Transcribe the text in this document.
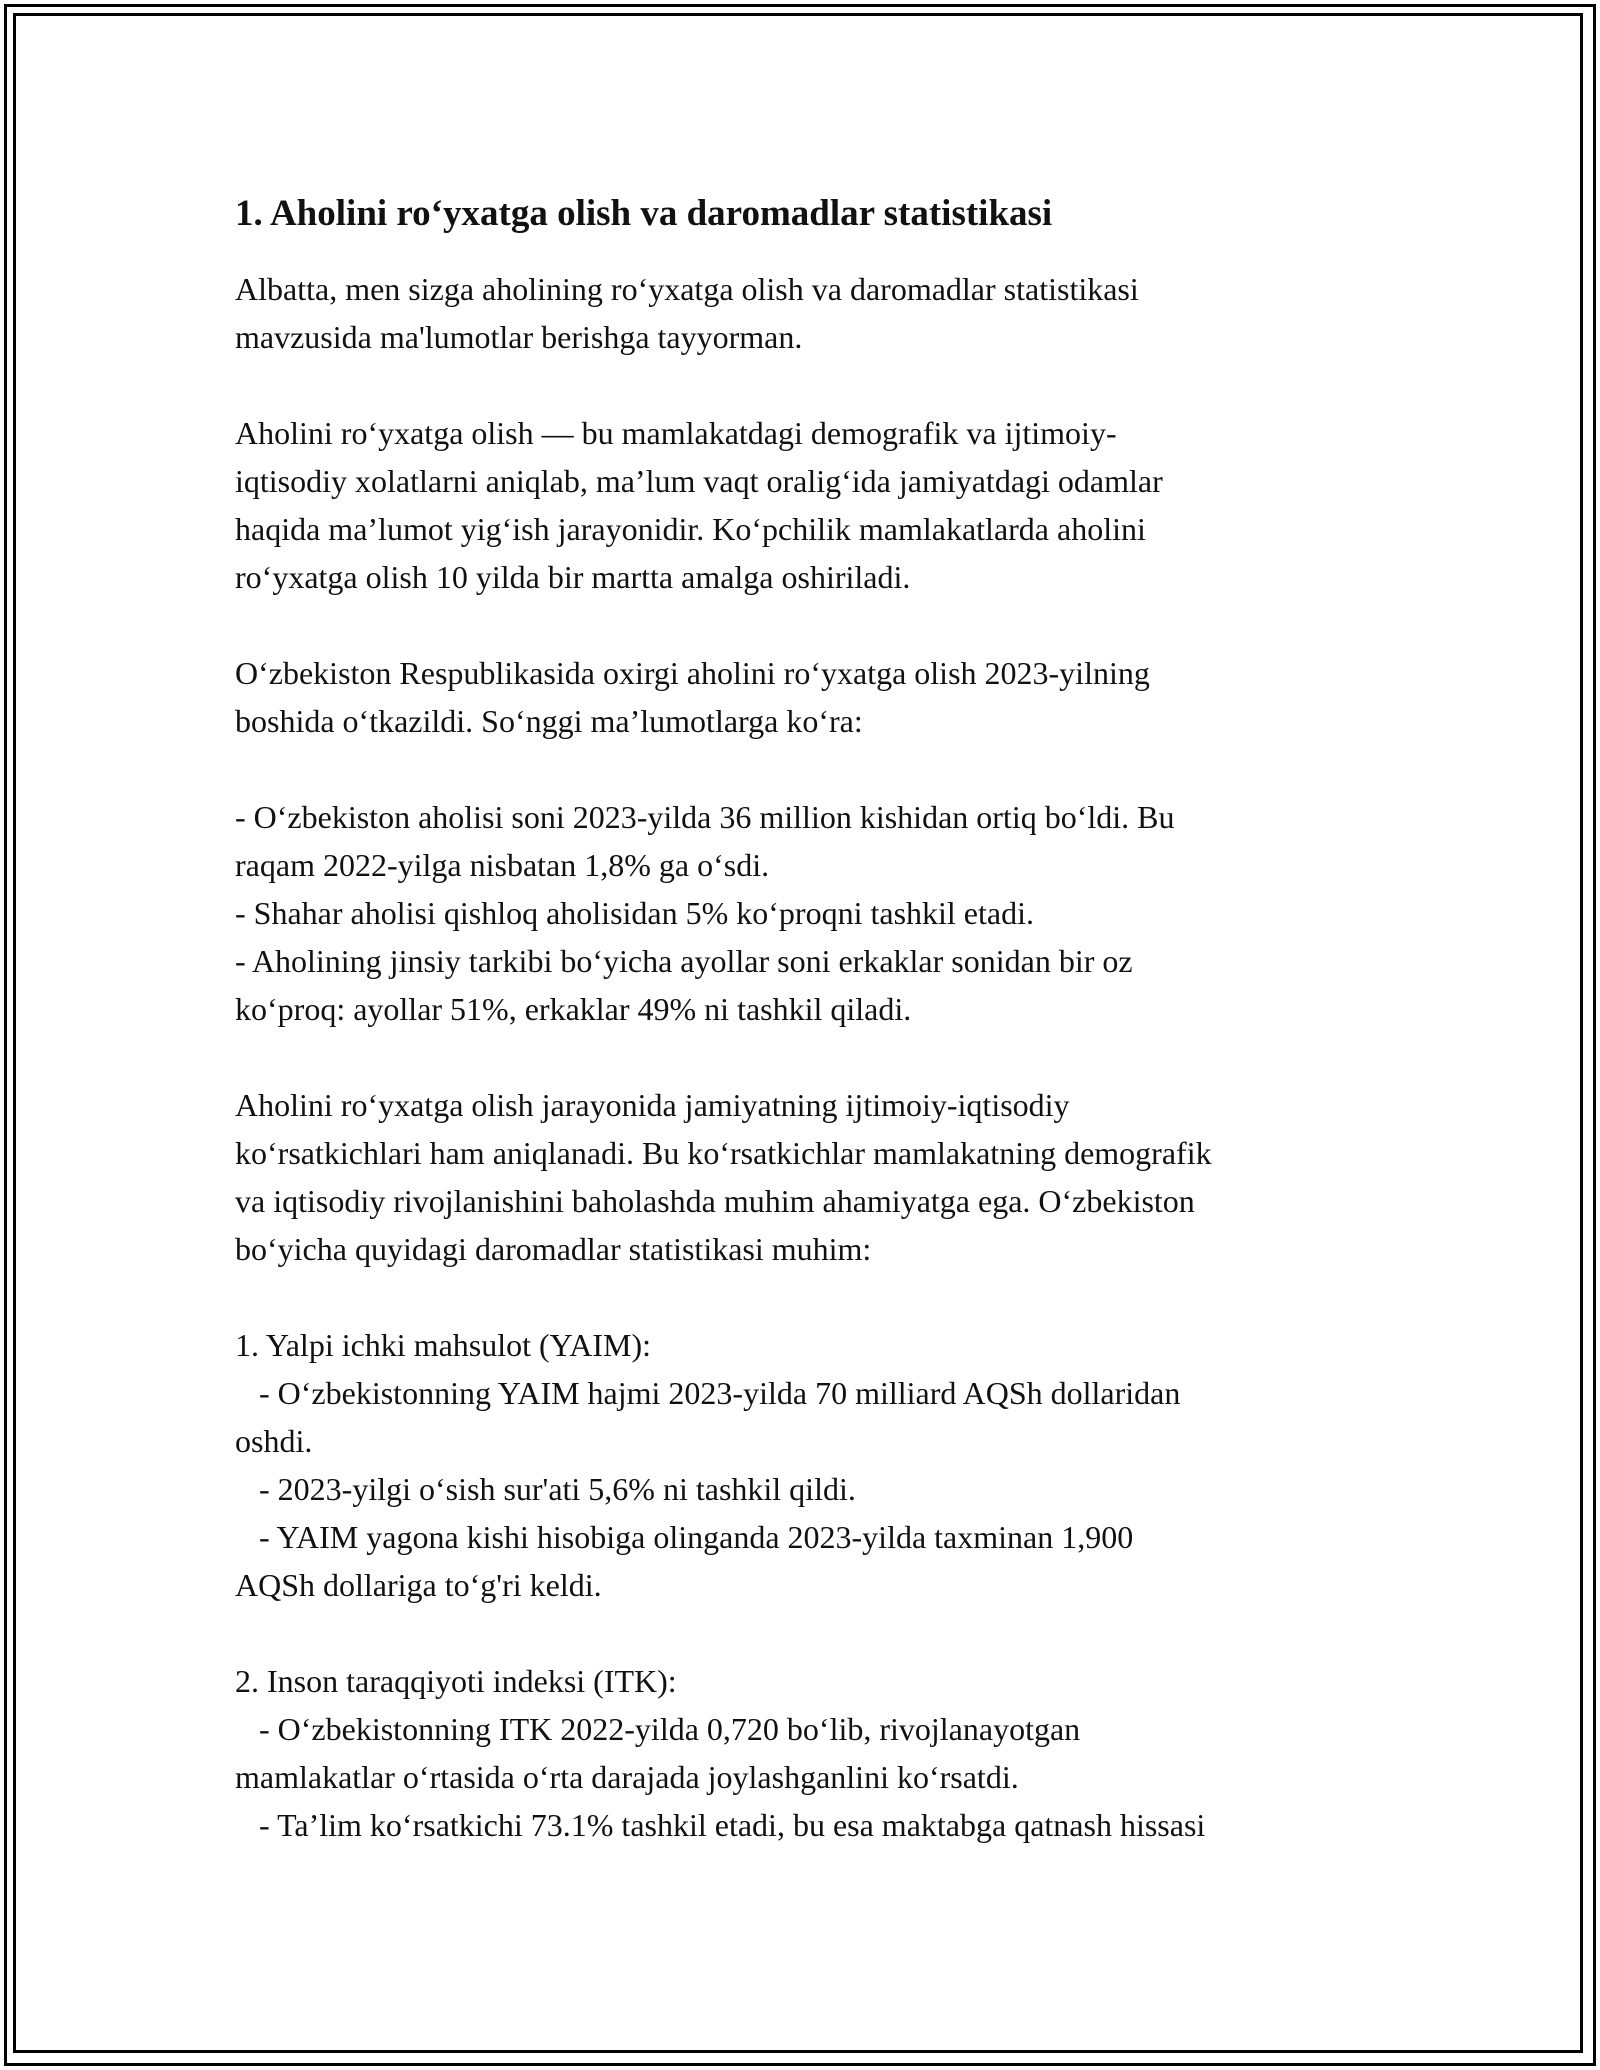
1. Aholini ro‘yxatga olish va daromadlar statistikasi
Albatta, men sizga aholining ro‘yxatga olish va daromadlar statistikasi
mavzusida ma'lumotlar berishga tayyorman.
Aholini ro‘yxatga olish — bu mamlakatdagi demografik va ijtimoiy-
iqtisodiy xolatlarni aniqlab, ma’lum vaqt oralig‘ida jamiyatdagi odamlar
haqida ma’lumot yig‘ish jarayonidir. Ko‘pchilik mamlakatlarda aholini
ro‘yxatga olish 10 yilda bir martta amalga oshiriladi.
O‘zbekiston Respublikasida oxirgi aholini ro‘yxatga olish 2023-yilning
boshida o‘tkazildi. So‘nggi ma’lumotlarga ko‘ra:
- O‘zbekiston aholisi soni 2023-yilda 36 million kishidan ortiq bo‘ldi. Bu
raqam 2022-yilga nisbatan 1,8% ga o‘sdi.
- Shahar aholisi qishloq aholisidan 5% ko‘proqni tashkil etadi.
- Aholining jinsiy tarkibi bo‘yicha ayollar soni erkaklar sonidan bir oz
ko‘proq: ayollar 51%, erkaklar 49% ni tashkil qiladi.
Aholini ro‘yxatga olish jarayonida jamiyatning ijtimoiy-iqtisodiy
ko‘rsatkichlari ham aniqlanadi. Bu ko‘rsatkichlar mamlakatning demografik
va iqtisodiy rivojlanishini baholashda muhim ahamiyatga ega. O‘zbekiston
bo‘yicha quyidagi daromadlar statistikasi muhim:
1. Yalpi ichki mahsulot (YAIM):
- O‘zbekistonning YAIM hajmi 2023-yilda 70 milliard AQSh dollaridan
oshdi.
- 2023-yilgi o‘sish sur'ati 5,6% ni tashkil qildi.
- YAIM yagona kishi hisobiga olinganda 2023-yilda taxminan 1,900
AQSh dollariga to‘g'ri keldi.
2. Inson taraqqiyoti indeksi (ITK):
- O‘zbekistonning ITK 2022-yilda 0,720 bo‘lib, rivojlanayotgan
mamlakatlar o‘rtasida o‘rta darajada joylashganlini ko‘rsatdi.
- Ta’lim ko‘rsatkichi 73.1% tashkil etadi, bu esa maktabga qatnash hissasi
